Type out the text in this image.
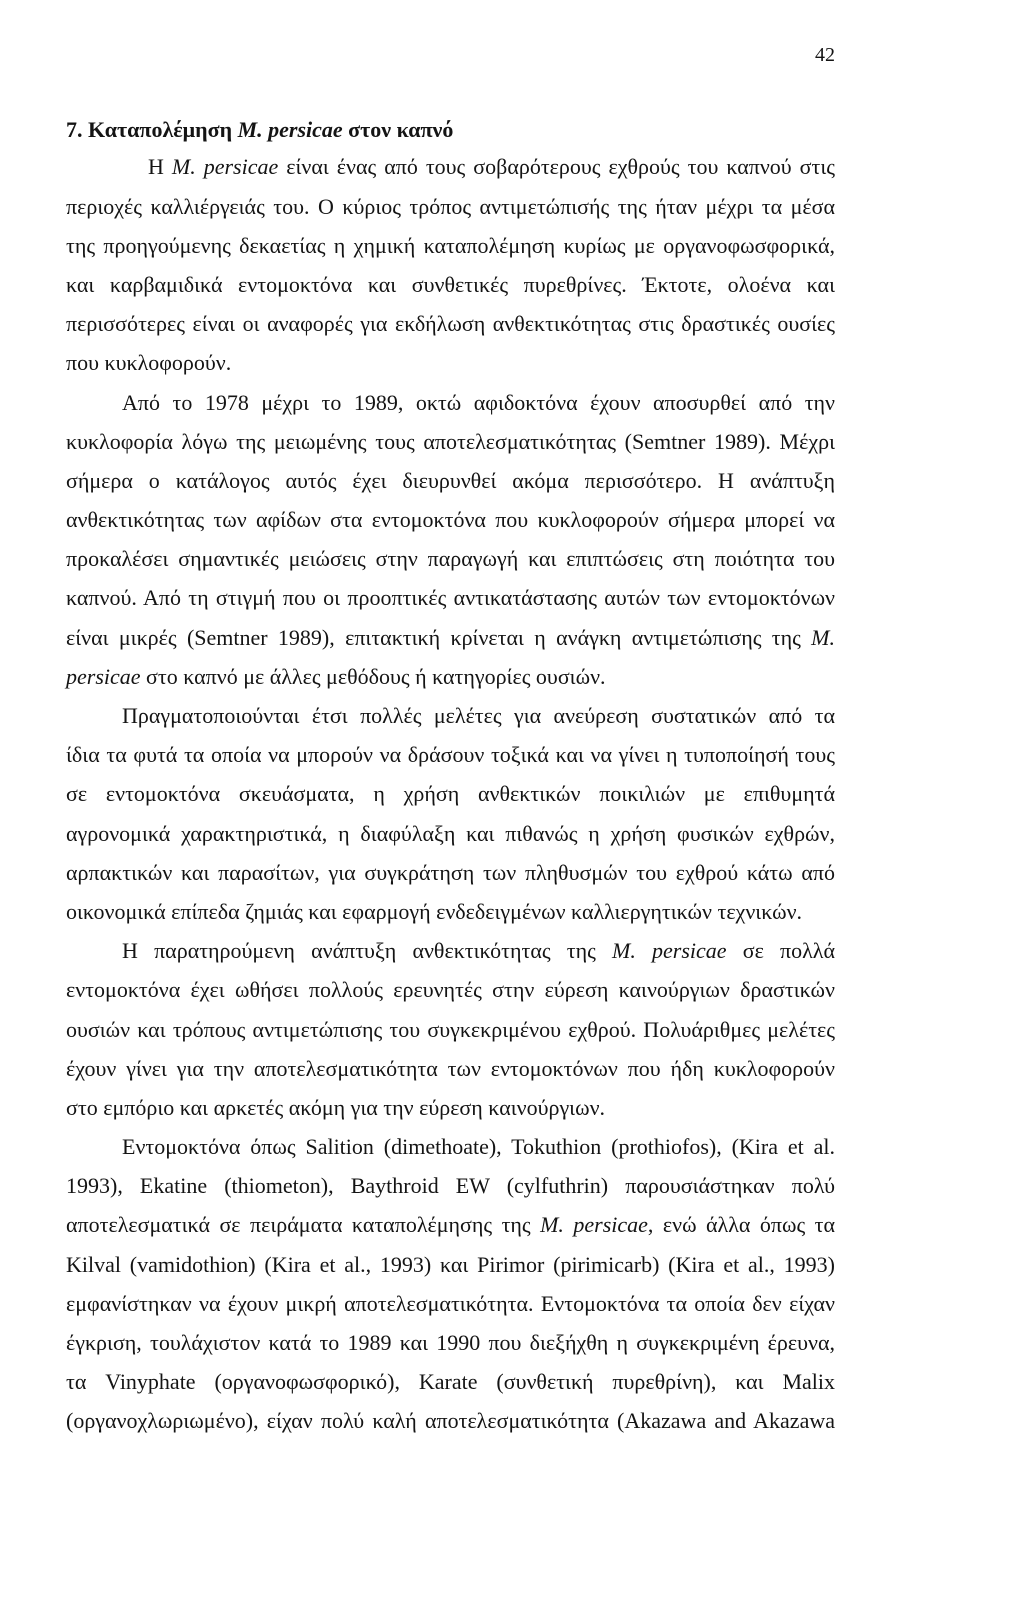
42
7. Καταπολέμηση M. persicae στον καπνό
Η M. persicae είναι ένας από τους σοβαρότερους εχθρούς του καπνού στις
περιοχές καλλιέργειάς του. Ο κύριος τρόπος αντιμετώπισής της ήταν μέχρι τα μέσα
της προηγούμενης δεκαετίας η χημική καταπολέμηση κυρίως με οργανοφωσφορικά,
και καρβαμιδικά εντομοκτόνα και συνθετικές πυρεθρίνες. Έκτοτε, ολοένα και
περισσότερες είναι οι αναφορές για εκδήλωση ανθεκτικότητας στις δραστικές ουσίες
που κυκλοφορούν.
Από το 1978 μέχρι το 1989, οκτώ αφιδοκτόνα έχουν αποσυρθεί από την
κυκλοφορία λόγω της μειωμένης τους αποτελεσματικότητας (Semtner 1989). Μέχρι
σήμερα ο κατάλογος αυτός έχει διευρυνθεί ακόμα περισσότερο. Η ανάπτυξη
ανθεκτικότητας των αφίδων στα εντομοκτόνα που κυκλοφορούν σήμερα μπορεί να
προκαλέσει σημαντικές μειώσεις στην παραγωγή και επιπτώσεις στη ποιότητα του
καπνού. Από τη στιγμή που οι προοπτικές αντικατάστασης αυτών των εντομοκτόνων
είναι μικρές (Semtner 1989), επιτακτική κρίνεται η ανάγκη αντιμετώπισης της M.
persicae στο καπνό με άλλες μεθόδους ή κατηγορίες ουσιών.
Πραγματοποιούνται έτσι πολλές μελέτες για ανεύρεση συστατικών από τα
ίδια τα φυτά τα οποία να μπορούν να δράσουν τοξικά και να γίνει η τυποποίησή τους
σε εντομοκτόνα σκευάσματα, η χρήση ανθεκτικών ποικιλιών με επιθυμητά
αγρονομικά χαρακτηριστικά, η διαφύλαξη και πιθανώς η χρήση φυσικών εχθρών,
αρπακτικών και παρασίτων, για συγκράτηση των πληθυσμών του εχθρού κάτω από
οικονομικά επίπεδα ζημιάς και εφαρμογή ενδεδειγμένων καλλιεργητικών τεχνικών.
Η παρατηρούμενη ανάπτυξη ανθεκτικότητας της M. persicae σε πολλά
εντομοκτόνα έχει ωθήσει πολλούς ερευνητές στην εύρεση καινούργιων δραστικών
ουσιών και τρόπους αντιμετώπισης του συγκεκριμένου εχθρού. Πολυάριθμες μελέτες
έχουν γίνει για την αποτελεσματικότητα των εντομοκτόνων που ήδη κυκλοφορούν
στο εμπόριο και αρκετές ακόμη για την εύρεση καινούργιων.
Εντομοκτόνα όπως Salition (dimethoate), Tokuthion (prothiofos), (Kira et al.
1993), Ekatine (thiometon), Baythroid EW (cylfuthrin) παρουσιάστηκαν πολύ
αποτελεσματικά σε πειράματα καταπολέμησης της M. persicae, ενώ άλλα όπως τα
Kilval (vamidothion) (Kira et al., 1993) και Pirimor (pirimicarb) (Kira et al., 1993)
εμφανίστηκαν να έχουν μικρή αποτελεσματικότητα. Εντομοκτόνα τα οποία δεν είχαν
έγκριση, τουλάχιστον κατά το 1989 και 1990 που διεξήχθη η συγκεκριμένη έρευνα,
τα Vinyphate (οργανοφωσφορικό), Karate (συνθετική πυρεθρίνη), και Malix
(οργανοχλωριωμένο), είχαν πολύ καλή αποτελεσματικότητα (Akazawa and Akazawa
